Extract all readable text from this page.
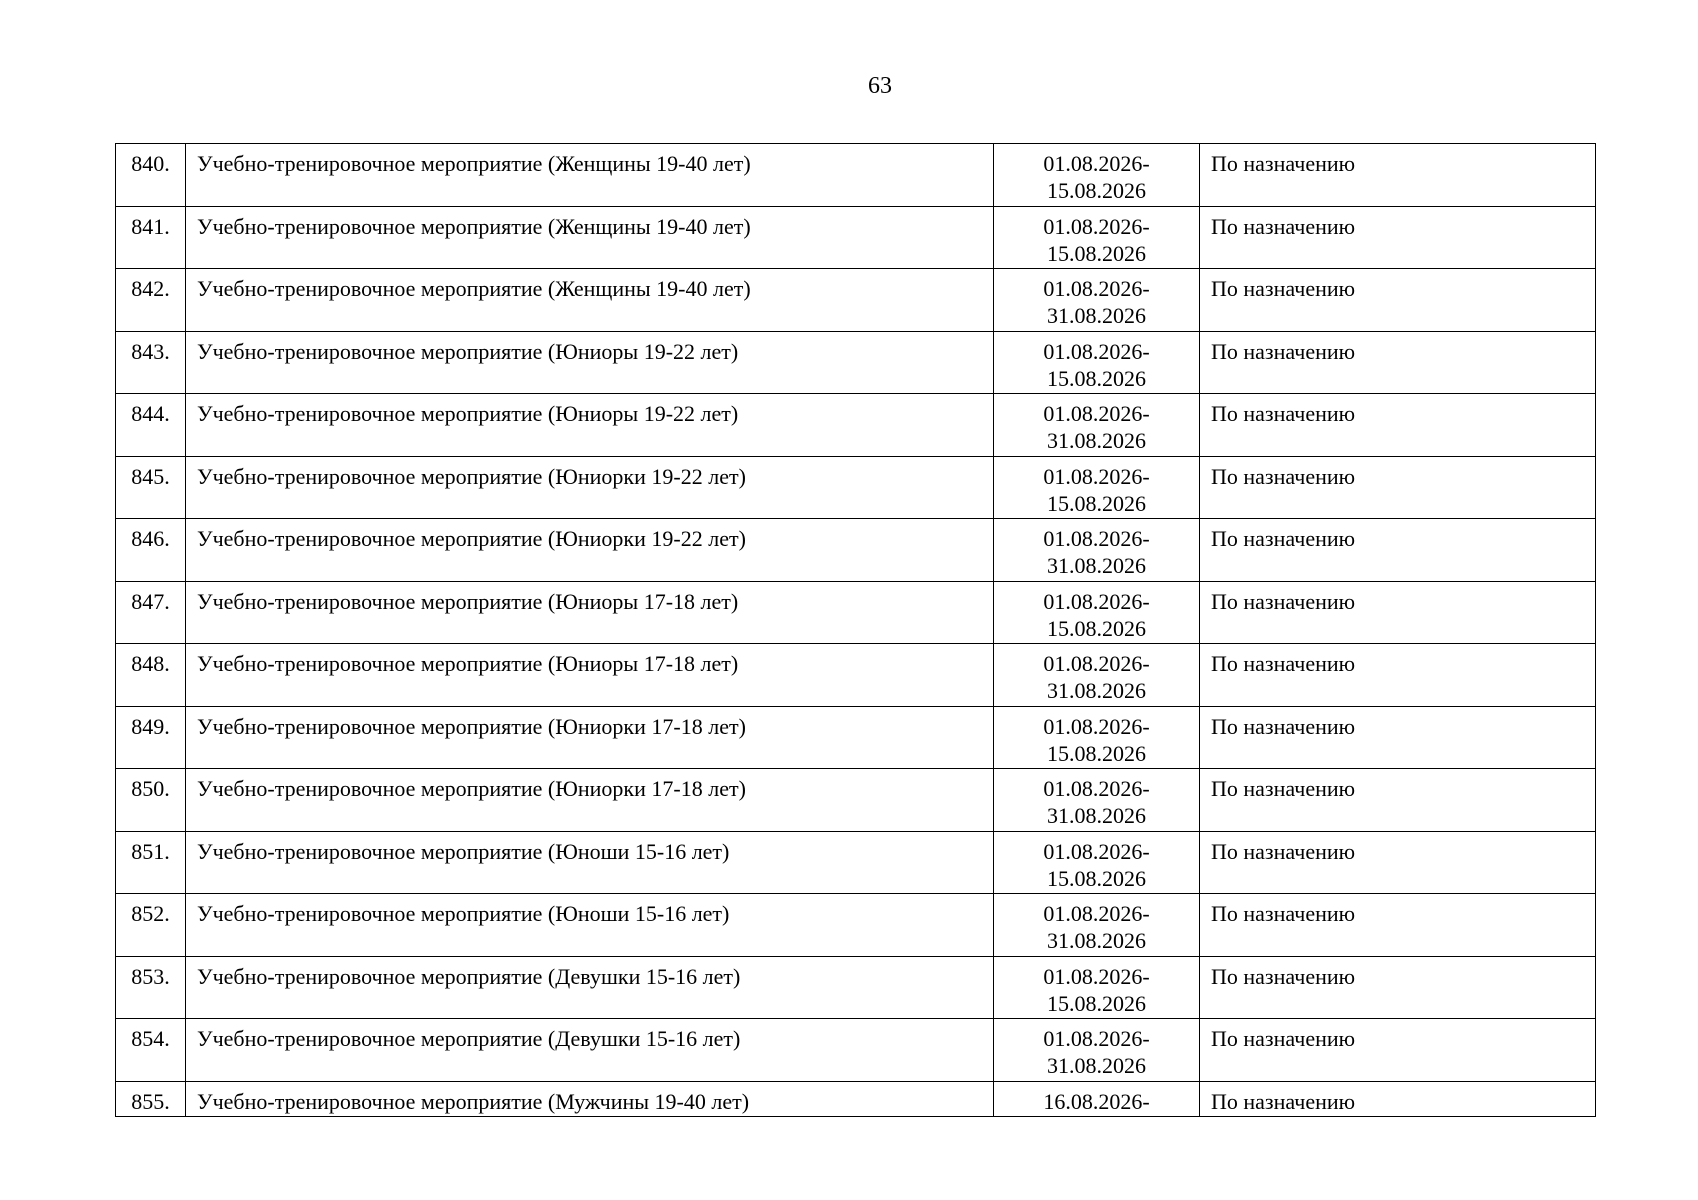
63
840.	Учебно-тренировочное мероприятие (Женщины 19-40 лет)	01.08.2026-
15.08.2026	По назначению
841.	Учебно-тренировочное мероприятие (Женщины 19-40 лет)	01.08.2026-
15.08.2026	По назначению
842.	Учебно-тренировочное мероприятие (Женщины 19-40 лет)	01.08.2026-
31.08.2026	По назначению
843.	Учебно-тренировочное мероприятие (Юниоры 19-22 лет)	01.08.2026-
15.08.2026	По назначению
844.	Учебно-тренировочное мероприятие (Юниоры 19-22 лет)	01.08.2026-
31.08.2026	По назначению
845.	Учебно-тренировочное мероприятие (Юниорки 19-22 лет)	01.08.2026-
15.08.2026	По назначению
846.	Учебно-тренировочное мероприятие (Юниорки 19-22 лет)	01.08.2026-
31.08.2026	По назначению
847.	Учебно-тренировочное мероприятие (Юниоры 17-18 лет)	01.08.2026-
15.08.2026	По назначению
848.	Учебно-тренировочное мероприятие (Юниоры 17-18 лет)	01.08.2026-
31.08.2026	По назначению
849.	Учебно-тренировочное мероприятие (Юниорки 17-18 лет)	01.08.2026-
15.08.2026	По назначению
850.	Учебно-тренировочное мероприятие (Юниорки 17-18 лет)	01.08.2026-
31.08.2026	По назначению
851.	Учебно-тренировочное мероприятие (Юноши 15-16 лет)	01.08.2026-
15.08.2026	По назначению
852.	Учебно-тренировочное мероприятие (Юноши 15-16 лет)	01.08.2026-
31.08.2026	По назначению
853.	Учебно-тренировочное мероприятие (Девушки 15-16 лет)	01.08.2026-
15.08.2026	По назначению
854.	Учебно-тренировочное мероприятие (Девушки 15-16 лет)	01.08.2026-
31.08.2026	По назначению
855.	Учебно-тренировочное мероприятие (Мужчины 19-40 лет)	16.08.2026-	По назначению
